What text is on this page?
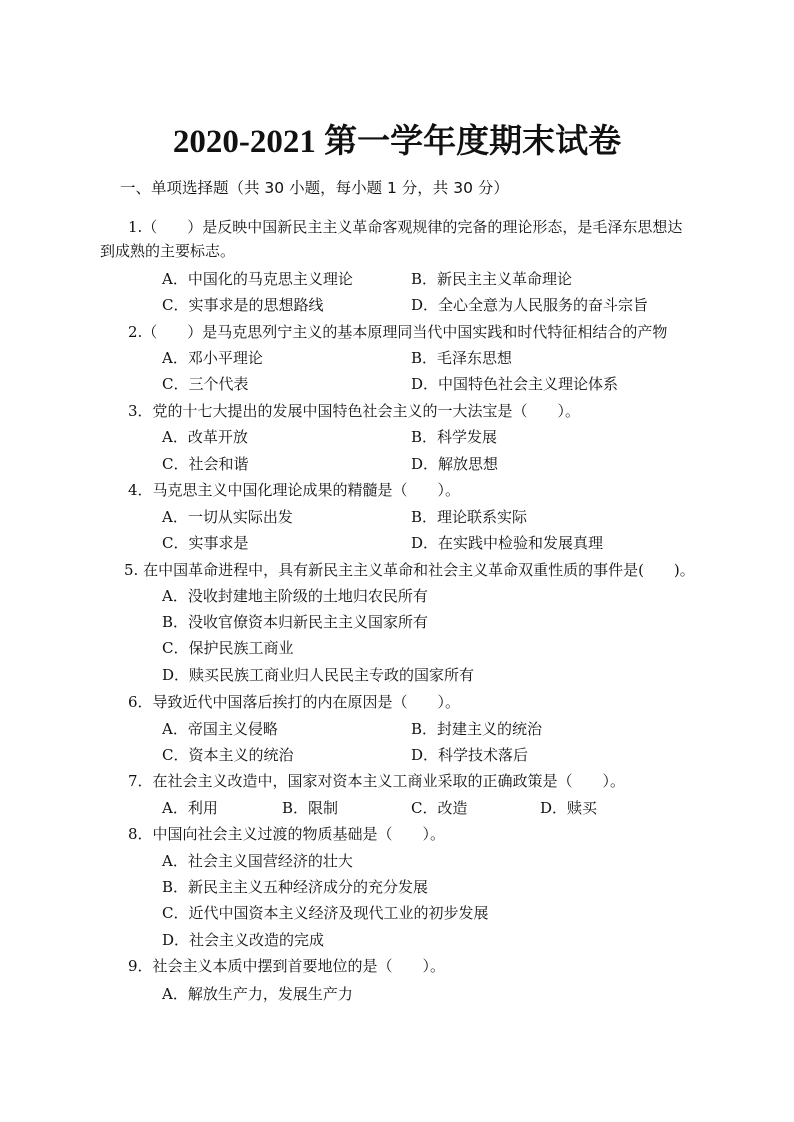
2020-2021 第一学年度期末试卷
一、单项选择题（共 30 小题，每小题 1 分，共 30 分）
1.（　　）是反映中国新民主主义革命客观规律的完备的理论形态，是毛泽东思想达
到成熟的主要标志。
A．中国化的马克思主义理论	B．新民主主义革命理论
C．实事求是的思想路线	D．全心全意为人民服务的奋斗宗旨
2.（　　）是马克思列宁主义的基本原理同当代中国实践和时代特征相结合的产物
A．邓小平理论	B．毛泽东思想
C．三个代表	D．中国特色社会主义理论体系
3．党的十七大提出的发展中国特色社会主义的一大法宝是（　　）。
A．改革开放	B．科学发展
C．社会和谐	D．解放思想
4．马克思主义中国化理论成果的精髓是（　　）。
A．一切从实际出发	B．理论联系实际
C．实事求是	D．在实践中检验和发展真理
5. 在中国革命进程中，具有新民主主义革命和社会主义革命双重性质的事件是(　　)。
A．没收封建地主阶级的土地归农民所有
B．没收官僚资本归新民主主义国家所有
C．保护民族工商业
D．赎买民族工商业归人民民主专政的国家所有
6．导致近代中国落后挨打的内在原因是（　　）。
A．帝国主义侵略	B．封建主义的统治
C．资本主义的统治	D．科学技术落后
7．在社会主义改造中，国家对资本主义工商业采取的正确政策是（　　）。
A．利用	B．限制	C．改造	D．赎买
8．中国向社会主义过渡的物质基础是（　　）。
A．社会主义国营经济的壮大
B．新民主主义五种经济成分的充分发展
C．近代中国资本主义经济及现代工业的初步发展
D．社会主义改造的完成
9．社会主义本质中摆到首要地位的是（　　）。
A．解放生产力，发展生产力
